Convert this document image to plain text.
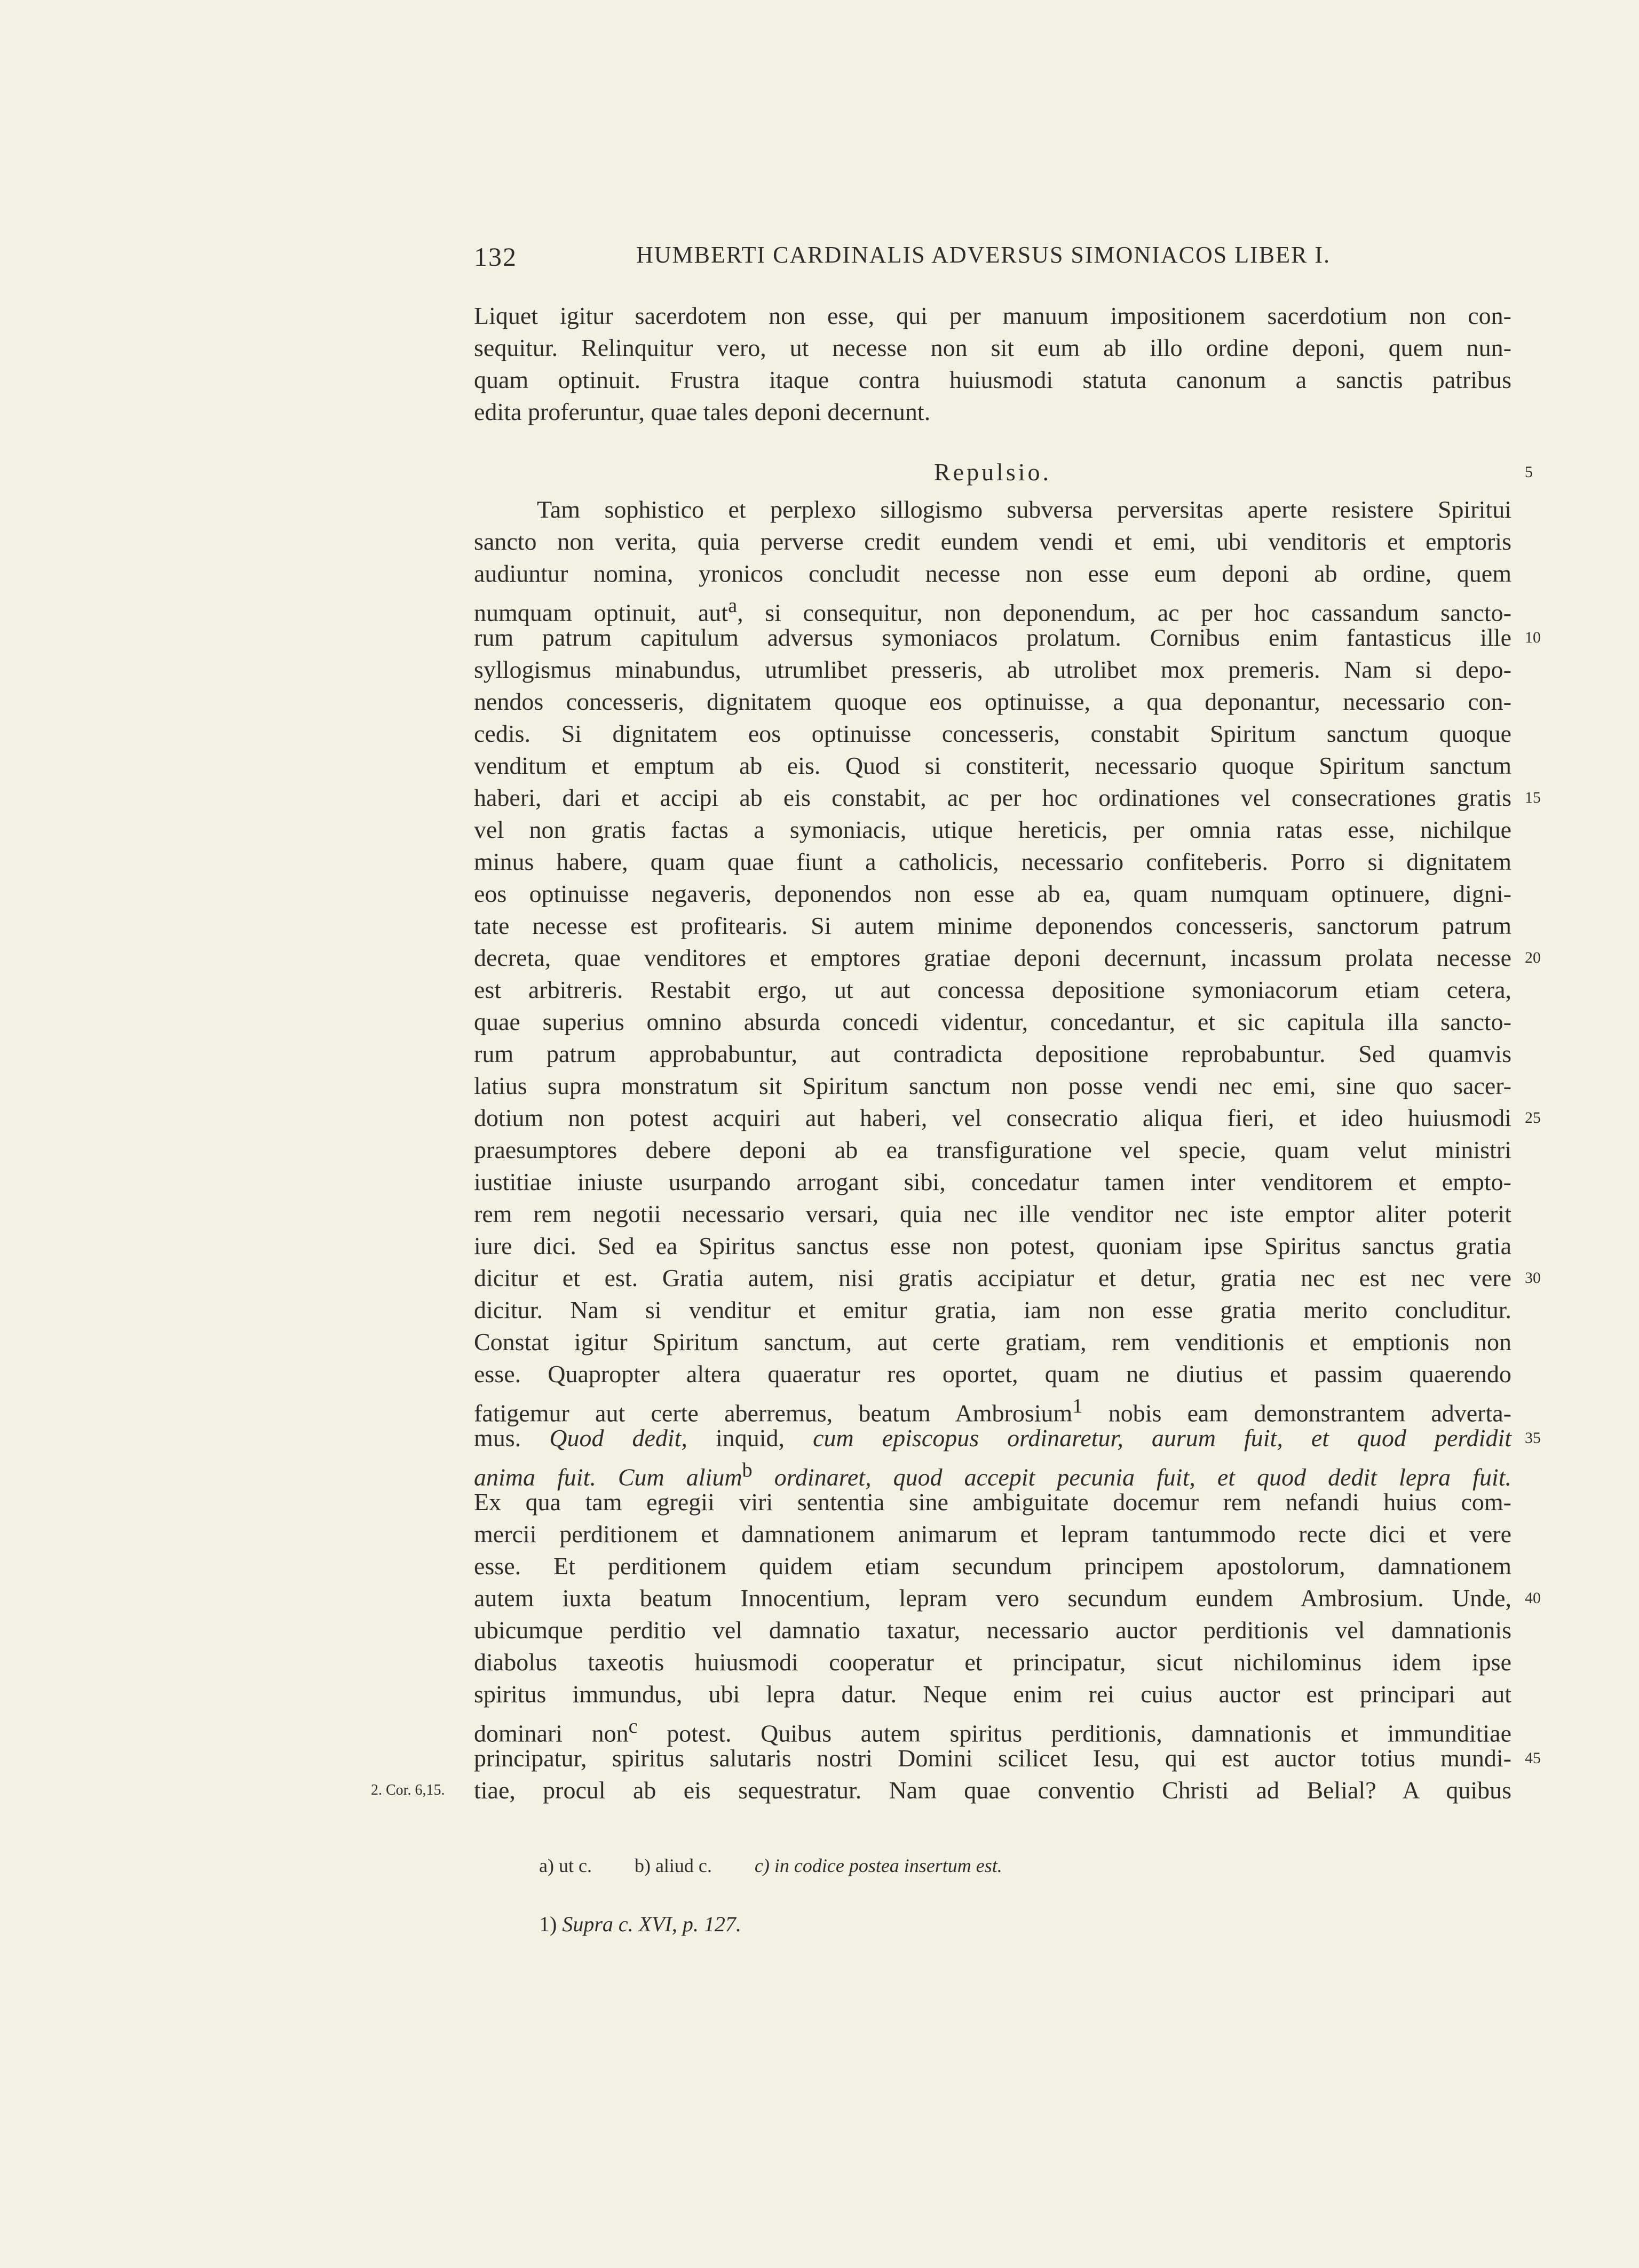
132	HUMBERTI CARDINALIS ADVERSUS SIMONIACOS LIBER I.
Liquet igitur sacerdotem non esse, qui per manuum impositionem sacerdotium non con-
sequitur. Relinquitur vero, ut necesse non sit eum ab illo ordine deponi, quem nun-
quam optinuit. Frustra itaque contra huiusmodi statuta canonum a sanctis patribus
edita proferuntur, quae tales deponi decernunt.
Repulsio.	5
Tam sophistico et perplexo sillogismo subversa perversitas aperte resistere Spiritui
sancto non verita, quia perverse credit eundem vendi et emi, ubi venditoris et emptoris
audiuntur nomina, yronicos concludit necesse non esse eum deponi ab ordine, quem
numquam optinuit, aut$^a$, si consequitur, non deponendum, ac per hoc cassandum sancto-
rum patrum capitulum adversus symoniacos prolatum. Cornibus enim fantasticus ille 10
syllogismus minabundus, utrumlibet presseris, ab utrolibet mox premeris. Nam si depo-
nendos concesseris, dignitatem quoque eos optinuisse, a qua deponantur, necessario con-
cedis. Si dignitatem eos optinuisse concesseris, constabit Spiritum sanctum quoque
venditum et emptum ab eis. Quod si constiterit, necessario quoque Spiritum sanctum
haberi, dari et accipi ab eis constabit, ac per hoc ordinationes vel consecrationes gratis 15
vel non gratis factas a symoniacis, utique hereticis, per omnia ratas esse, nichilque
minus habere, quam quae fiunt a catholicis, necessario confiteberis. Porro si dignitatem
eos optinuisse negaveris, deponendos non esse ab ea, quam numquam optinuere, digni-
tate necesse est profitearis. Si autem minime deponendos concesseris, sanctorum patrum
decreta, quae venditores et emptores gratiae deponi decernunt, incassum prolata necesse 20
est arbitreris. Restabit ergo, ut aut concessa depositione symoniacorum etiam cetera,
quae superius omnino absurda concedi videntur, concedantur, et sic capitula illa sancto-
rum patrum approbabuntur, aut contradicta depositione reprobabuntur. Sed quamvis
latius supra monstratum sit Spiritum sanctum non posse vendi nec emi, sine quo sacer-
dotium non potest acquiri aut haberi, vel consecratio aliqua fieri, et ideo huiusmodi 25
praesumptores debere deponi ab ea transfiguratione vel specie, quam velut ministri
iustitiae iniuste usurpando arrogant sibi, concedatur tamen inter venditorem et empto-
rem rem negotii necessario versari, quia nec ille venditor nec iste emptor aliter poterit
iure dici. Sed ea Spiritus sanctus esse non potest, quoniam ipse Spiritus sanctus gratia
dicitur et est. Gratia autem, nisi gratis accipiatur et detur, gratia nec est nec vere 30
dicitur. Nam si venditur et emitur gratia, iam non esse gratia merito concluditur.
Constat igitur Spiritum sanctum, aut certe gratiam, rem venditionis et emptionis non
esse. Quapropter altera quaeratur res oportet, quam ne diutius et passim quaerendo
fatigemur aut certe aberremus, beatum Ambrosium$^1$ nobis eam demonstrantem adverta-
mus. Quod dedit, inquid, cum episcopus ordinaretur, aurum fuit, et quod perdidit 35
anima fuit. Cum alium$^b$ ordinaret, quod accepit pecunia fuit, et quod dedit lepra fuit.
Ex qua tam egregii viri sententia sine ambiguitate docemur rem nefandi huius com-
mercii perditionem et damnationem animarum et lepram tantummodo recte dici et vere
esse. Et perditionem quidem etiam secundum principem apostolorum, damnationem
autem iuxta beatum Innocentium, lepram vero secundum eundem Ambrosium. Unde, 40
ubicumque perditio vel damnatio taxatur, necessario auctor perditionis vel damnationis
diabolus taxeotis huiusmodi cooperatur et principatur, sicut nichilominus idem ipse
spiritus immundus, ubi lepra datur. Neque enim rei cuius auctor est principari aut
dominari non$^c$ potest. Quibus autem spiritus perditionis, damnationis et immunditiae
principatur, spiritus salutaris nostri Domini scilicet Iesu, qui est auctor totius mundi- 45
tiae, procul ab eis sequestratur. Nam quae conventio Christi ad Belial? A quibus
2. Cor. 6,15.
a) ut c. b) aliud c. c) in codice postea insertum est.
1) Supra c. XVI, p. 127.
